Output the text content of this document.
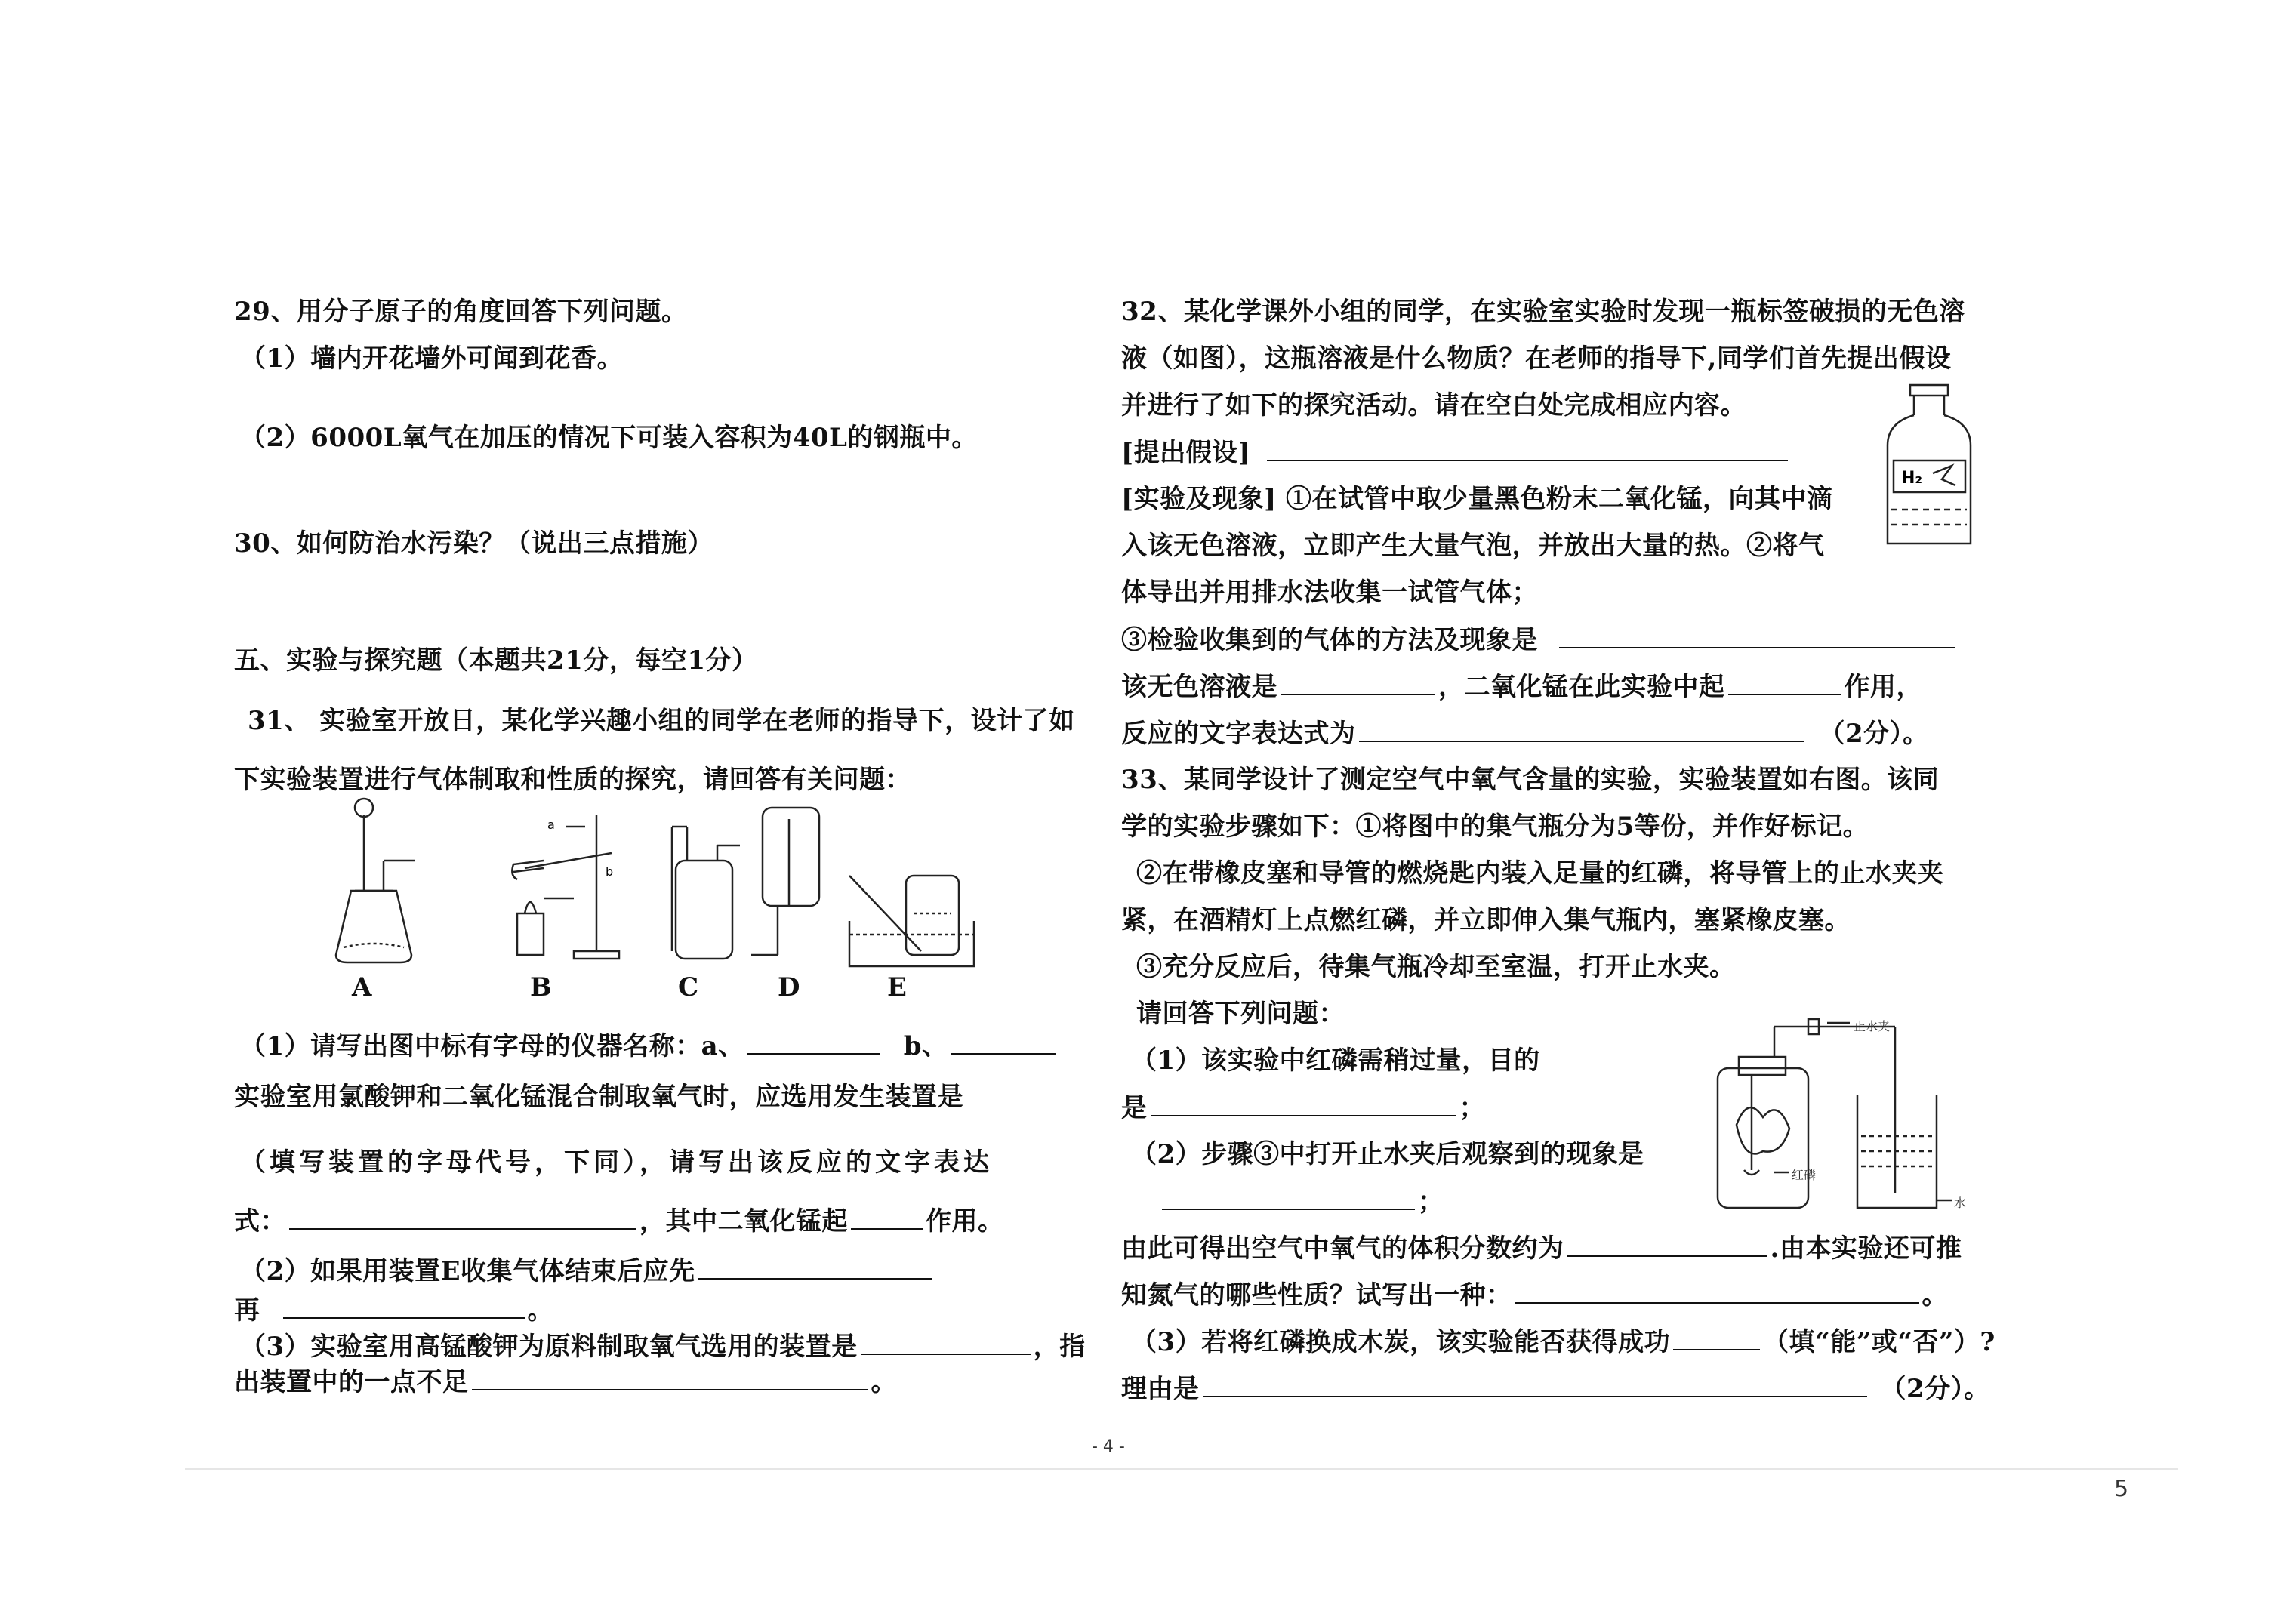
29、用分子原子的角度回答下列问题。
（1）墙内开花墙外可闻到花香。
（2）6000L氧气在加压的情况下可装入容积为40L的钢瓶中。
30、如何防治水污染？（说出三点措施）
五、实验与探究题（本题共21分，每空1分）
31、 实验室开放日，某化学兴趣小组的同学在老师的指导下，设计了如
下实验装置进行气体制取和性质的探究，请回答有关问题：
a
b
A	B	C	D	E
（1）请写出图中标有字母的仪器名称：a、	b、
实验室用氯酸钾和二氧化锰混合制取氧气时，应选用发生装置是
（填写装置的字母代号，下同），请写出该反应的文字表达
式：	，其中二氧化锰起	作用。
（2）如果用装置E收集气体结束后应先
再	。
（3）实验室用高锰酸钾为原料制取氧气选用的装置是	，指
出装置中的一点不足	。
32、某化学课外小组的同学，在实验室实验时发现一瓶标签破损的无色溶
液（如图），这瓶溶液是什么物质？在老师的指导下,同学们首先提出假设
并进行了如下的探究活动。请在空白处完成相应内容。
[提出假设]
[实验及现象] ①在试管中取少量黑色粉末二氧化锰，向其中滴
入该无色溶液，立即产生大量气泡，并放出大量的热。②将气
体导出并用排水法收集一试管气体；
③检验收集到的气体的方法及现象是
该无色溶液是	，二氧化锰在此实验中起	作用，
反应的文字表达式为	（2分）。
H₂
33、某同学设计了测定空气中氧气含量的实验，实验装置如右图。该同
学的实验步骤如下：①将图中的集气瓶分为5等份，并作好标记。
②在带橡皮塞和导管的燃烧匙内装入足量的红磷，将导管上的止水夹夹
紧，在酒精灯上点燃红磷，并立即伸入集气瓶内，塞紧橡皮塞。
③充分反应后，待集气瓶冷却至室温，打开止水夹。
请回答下列问题：
（1）该实验中红磷需稍过量，目的
是	；
（2）步骤③中打开止水夹后观察到的现象是
；
由此可得出空气中氧气的体积分数约为	.由本实验还可推
知氮气的哪些性质？试写出一种：	。
（3）若将红磷换成木炭，该实验能否获得成功	（填“能”或“否”）?
理由是	（2分）。
止水夹
红磷
水
- 4 -
5
